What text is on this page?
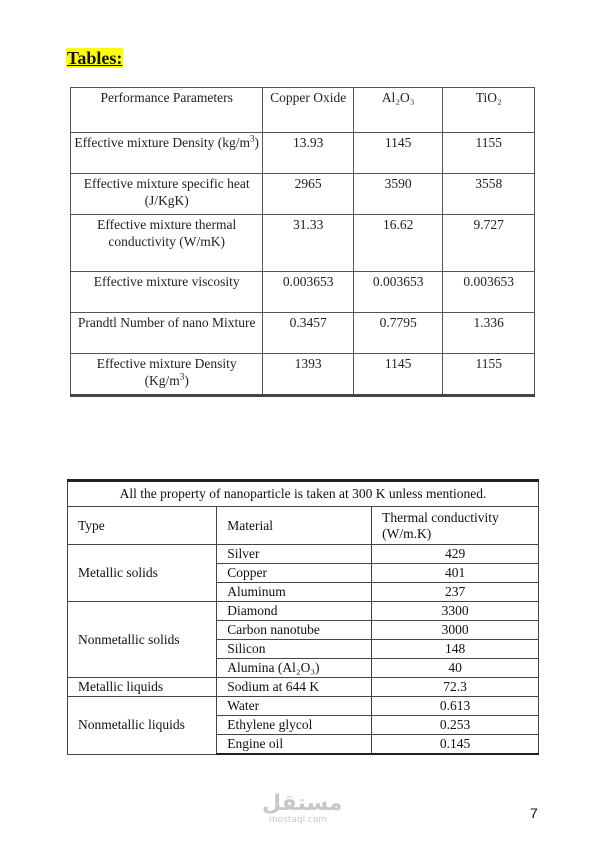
Tables:
Performance Parameters	Copper Oxide	Al₂O₃	TiO₂
Effective mixture Density $(kg/m^3)$	13.93	1145	1155
Effective mixture specific heat (J/KgK)	2965	3590	3558
Effective mixture thermal conductivity (W/mK)	31.33	16.62	9.727
Effective mixture viscosity	0.003653	0.003653	0.003653
Prandtl Number of nano Mixture	0.3457	0.7795	1.336
Effective mixture Density $(Kg/m^3)$	1393	1145	1155
All the property of nanoparticle is taken at 300 K unless mentioned.		
Type	Material	Thermal conductivity (W/m.K)
Metallic solids	Silver	429
	Copper	401
	Aluminum	237
Nonmetallic solids	Diamond	3300
	Carbon nanotube	3000
	Silicon	148
	Alumina (Al₂O₃)	40
Metallic liquids	Sodium at 644 K	72.3
Nonmetallic liquids	Water	0.613
	Ethylene glycol	0.253
	Engine oil	0.145
مستقل
mostaql.com	7
